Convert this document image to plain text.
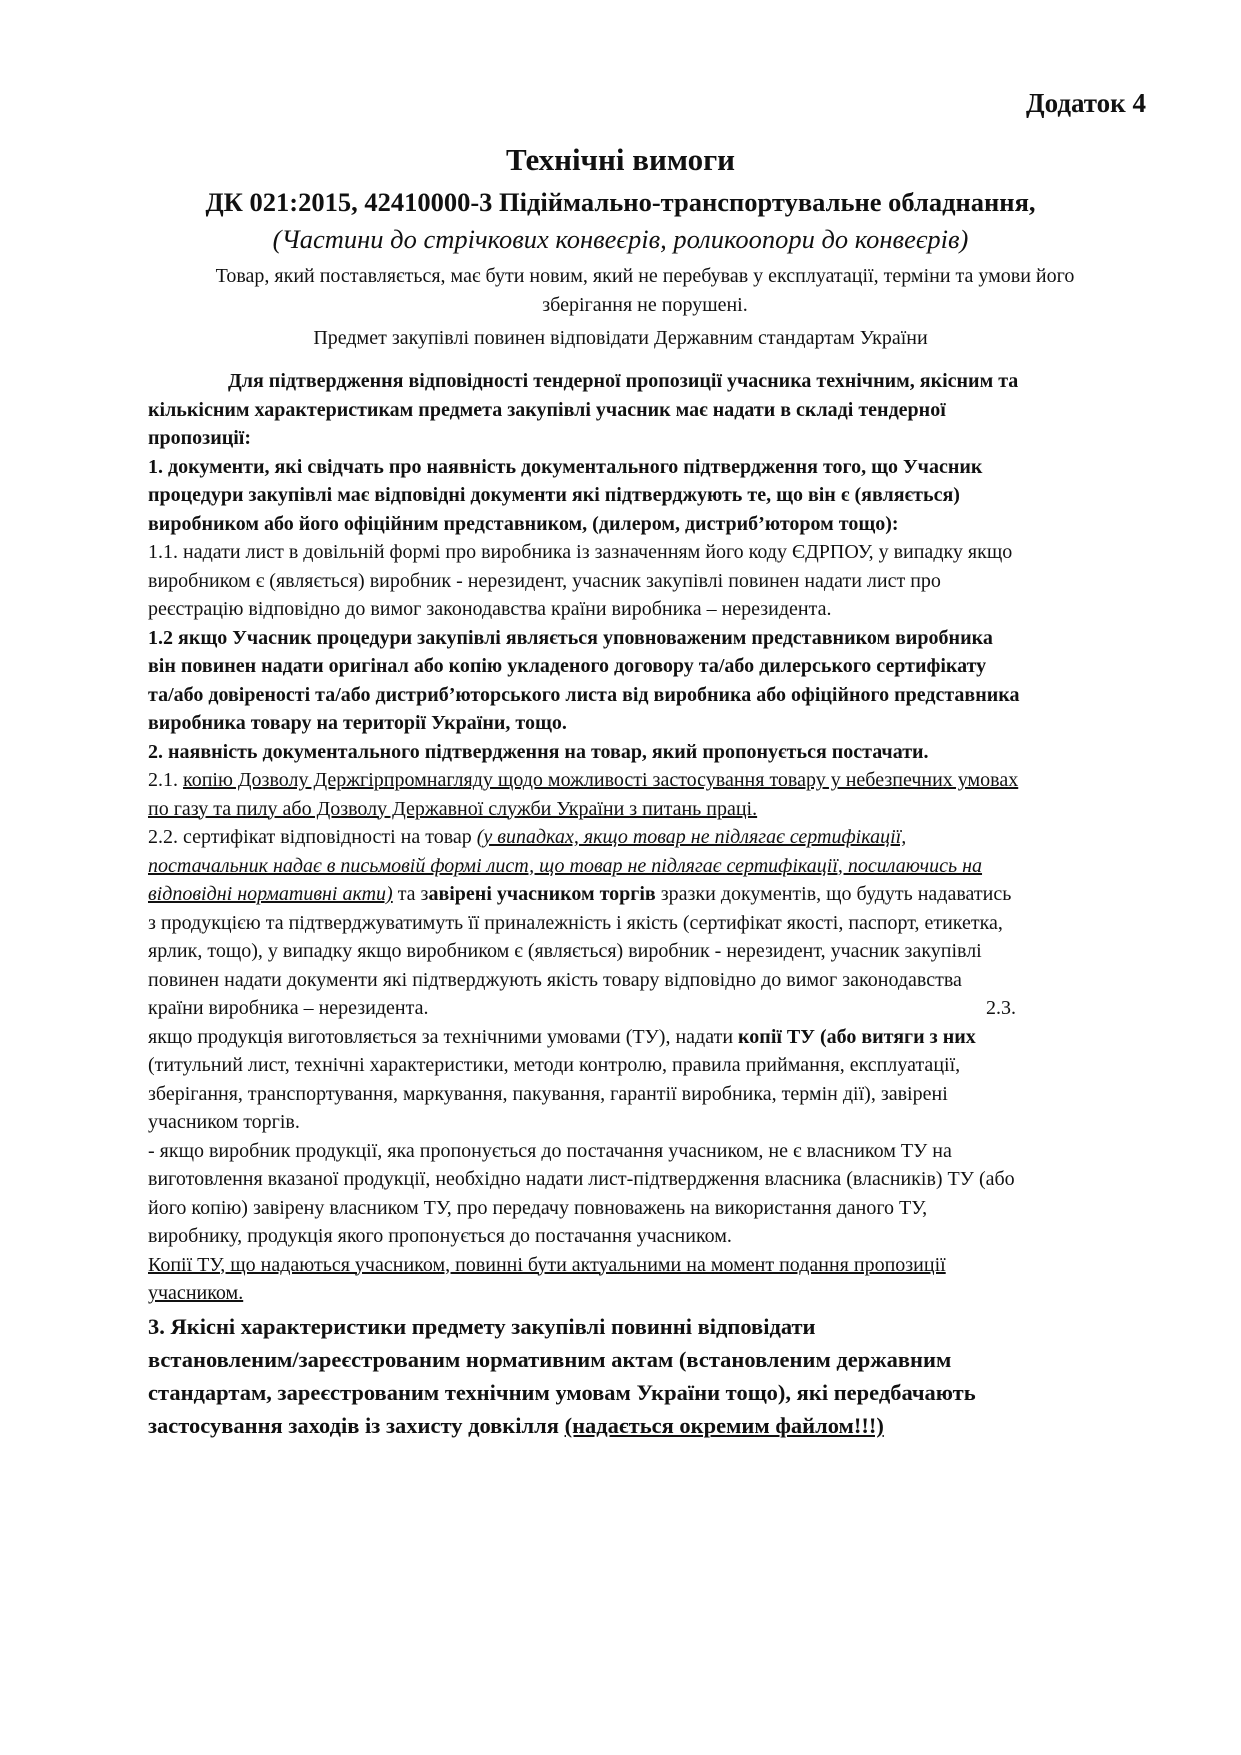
Додаток 4
Технічні вимоги
ДК 021:2015, 42410000-3 Підіймально-транспортувальне обладнання,
(Частини до стрічкових конвеєрів, роликоопори до конвеєрів)
Товар, який поставляється, має бути новим, який не перебував у експлуатації, терміни та умови його
зберігання не порушені.
Предмет закупівлі повинен відповідати Державним стандартам України

Для підтвердження відповідності тендерної пропозиції учасника технічним, якісним та
кількісним характеристикам предмета закупівлі учасник має надати в складі тендерної
пропозиції:

1. документи, які свідчать про наявність документального підтвердження того, що Учасник
процедури закупівлі має відповідні документи які підтверджують те, що він є (являється)
виробником або його офіційним представником, (дилером, дистриб’ютором тощо):

1.1. надати лист в довільній формі про виробника із зазначенням його коду ЄДРПОУ, у випадку якщо
виробником є (являється) виробник - нерезидент, учасник закупівлі повинен надати лист про
реєстрацію відповідно до вимог законодавства країни виробника – нерезидента.

1.2 якщо Учасник процедури закупівлі являється уповноваженим представником виробника
він повинен надати оригінал або копію укладеного договору та/або дилерського сертифікату
та/або довіреності та/або дистриб’юторського листа від виробника або офіційного представника
виробника товару на території України, тощо.

2. наявність документального підтвердження на товар, який пропонується постачати.

2.1. копію Дозволу Держгірпромнагляду щодо можливості застосування товару у небезпечних умовах
по газу та пилу або Дозволу Державної служби України з питань праці.

2.2. сертифікат відповідності на товар (у випадках, якщо товар не підлягає сертифікації,
постачальник надає в письмовій формі лист, що товар не підлягає сертифікації, посилаючись на
відповідні нормативні акти) та завірені учасником торгів зразки документів, що будуть надаватись
з продукцією та підтверджуватимуть її приналежність і якість (сертифікат якості, паспорт, етикетка,
ярлик, тощо), у випадку якщо виробником є (являється) виробник - нерезидент, учасник закупівлі
повинен надати документи які підтверджують якість товару відповідно до вимог законодавства
країни виробника – нерезидента.	2.3.

якщо продукція виготовляється за технічними умовами (ТУ), надати копії ТУ (або витяги з них
(титульний лист, технічні характеристики, методи контролю, правила приймання, експлуатації,
зберігання, транспортування, маркування, пакування, гарантії виробника, термін дії), завірені
учасником торгів.

- якщо виробник продукції, яка пропонується до постачання учасником, не є власником ТУ на
виготовлення вказаної продукції, необхідно надати лист-підтвердження власника (власників) ТУ (або
його копію) завірену власником ТУ, про передачу повноважень на використання даного ТУ,
виробнику, продукція якого пропонується до постачання учасником.

Копії ТУ, що надаються учасником, повинні бути актуальними на момент подання пропозиції
учасником.

3. Якісні характеристики предмету закупівлі повинні відповідати
встановленим/зареєстрованим нормативним актам (встановленим державним
стандартам, зареєстрованим технічним умовам України тощо), які передбачають
застосування заходів із захисту довкілля (надається окремим файлом!!!)
